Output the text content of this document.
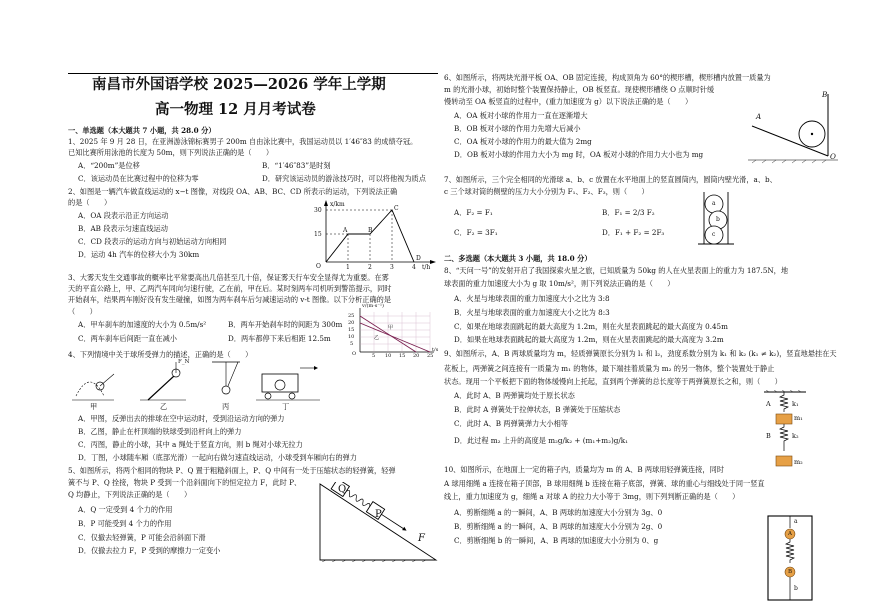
南昌市外国语学校 2025—2026 学年上学期
高一物理 12 月月考试卷
一、单选题（本大题共 7 小题，共 28.0 分）
1、2025 年 9 月 28 日，在亚洲游泳锦标赛男子 200m 自由泳比赛中，我国运动员以 1′46″83 的成绩夺冠。
已知比赛所用泳池的长度为 50m，则下列说法正确的是（　　）
A．“200m”是位移	B．“1′46″83”是时刻
C．该运动员在比赛过程中的位移为零	D．研究该运动员的游泳技巧时，可以将他视为质点
2、如图是一辆汽车做直线运动的 x−t 图像，对线段 OA、AB、BC、CD 所表示的运动，下列说法正确
的是（　　）
A．OA 段表示沿正方向运动
B．AB 段表示匀速直线运动
C．CD 段表示的运动方向与初始运动方向相同
D．运动 4h 汽车的位移大小为 30km
x/km
30
15
O	1	2	3	4 t/h
A	B
C
D
3、大雾天发生交通事故的概率比平常要高出几倍甚至几十倍，保证雾天行车安全显得尤为重要。在雾
天的平直公路上，甲、乙两汽车同向匀速行驶，乙在前，甲在后。某时刻两车司机听到警笛提示，同时
开始刹车，结果两车刚好没有发生碰撞，如图为两车刹车后匀减速运动的 v-t 图像。以下分析正确的是
（　　）
A．甲车刹车的加速度的大小为 0.5m/s²	B．两车开始刹车时的间距为 300m
C．两车刹车后间距一直在减小	D．两车都停下来后相距 12.5m
v/(m·s⁻¹)
25
20
15
10
5
O	5 10 15 20 25
t/s
甲
乙
4、下列情境中关于球所受弹力的描述，正确的是（　　）
F_N
甲	乙	丙	丁
A．甲图，反弹出去的排球在空中运动时，受到沿运动方向的弹力
B．乙图，静止在杆顶端的铁球受到沿杆向上的弹力
C．丙图，静止的小球，其中 a 绳处于竖直方向，则 b 绳对小球无拉力
D．丁图，小球随车厢（底部光滑）一起向右做匀速直线运动，小球受到车厢向右的弹力
5、如图所示，将两个相同的物块 P、Q 置于粗糙斜面上，P、Q 中间有一处于压缩状态的轻弹簧，轻弹
簧不与 P、Q 拴接，物块 P 受到一个沿斜面向下的恒定拉力 F，此时 P、
Q 均静止，下列说法正确的是（　　）
A．Q 一定受到 4 个力的作用
B．P 可能受到 4 个力的作用
C．仅撤去轻弹簧，P 可能会沿斜面下滑
D．仅撤去拉力 F，P 受到的摩擦力一定变小
Q
P
F
6、如图所示，将两块光滑平板 OA、OB 固定连接，构成顶角为 60°的楔形槽，楔形槽内放置一质量为
m 的光滑小球，初始时整个装置保持静止，OB 板竖直。现使楔形槽绕 O 点顺时针缓
慢转动至 OA 板竖直的过程中，(重力加速度为 g）以下说法正确的是（　　）
A．OA 板对小球的作用力一直在逐渐增大
B．OB 板对小球的作用力先增大后减小
C．OA 板对小球的作用力的最大值为 2mg
D．OB 板对小球的作用力大小为 mg 时，OA 板对小球的作用力大小也为 mg
A
B
O
7、如图所示，三个完全相同的光滑球 a、b、c 放置在水平地面上的竖直圆筒内，圆筒内壁光滑，a、b、
c 三个球对筒的侧壁的压力大小分别为 F₁、F₂、F₃，则（　　）
A．F₂ = F₁	B．F₁ = 2/3 F₂
C．F₂ = 3F₁	D．F₁ + F₂ = 2F₃
a
b
c
二、多选题（本大题共 3 小题，共 18.0 分）
8、“天问一号”的发射开启了我国探索火星之旅，已知质量为 50kg 的人在火星表面上的重力为 187.5N，地
球表面的重力加速度大小为 g 取 10m/s²，则下列说法正确的是（　　）
A．火星与地球表面的重力加速度大小之比为 3:8
B．火星与地球表面的重力加速度大小之比为 8:3
C．如果在地球表面跳起的最大高度为 1.2m，则在火星表面跳起的最大高度为 0.45m
D．如果在地球表面跳起的最大高度为 1.2m，则在火星表面跳起的最大高度为 3.2m
9、如图所示，A、B 两球质量均为 m，轻质弹簧原长分别为 l₁ 和 l₂，劲度系数分别为 k₁ 和 k₂ (k₁ ≠ k₂)，竖直地悬挂在天
花板上，两弹簧之间连接有一质量为 m₁ 的物体，最下端挂着质量为 m₂ 的另一物体，整个装置处于静止
状态。现用一个平板把下面的物体缓慢向上托起，直到两个弹簧的总长度等于两弹簧原长之和，则（　　）
A．此时 A、B 两弹簧均处于原长状态
B．此时 A 弹簧处于拉伸状态，B 弹簧处于压缩状态
C．此时 A、B 两弹簧弹力大小相等
D．此过程 m₂ 上升的高度是 m₂g/k₂ + (m₁+m₂)g/k₁
A	k₁
m₁
B	k₂
m₂
10、如图所示，在地面上一定的箱子内，质量均为 m 的 A、B 两球用轻弹簧连接，同时
A 球用细绳 a 连接在箱子顶部，B 球用细绳 b 连接在箱子底部，弹簧、球的重心与细线处于同一竖直
线上，重力加速度为 g，细绳 a 对球 A 的拉力大小等于 3mg，则下列判断正确的是（　　）
A．剪断细绳 a 的一瞬间，A、B 两球的加速度大小分别为 3g、0
B．剪断细绳 a 的一瞬间，A、B 两球的加速度大小分别为 2g、0
C．剪断细绳 b 的一瞬间，A、B 两球的加速度大小分别为 0、g
a
A
B
b
